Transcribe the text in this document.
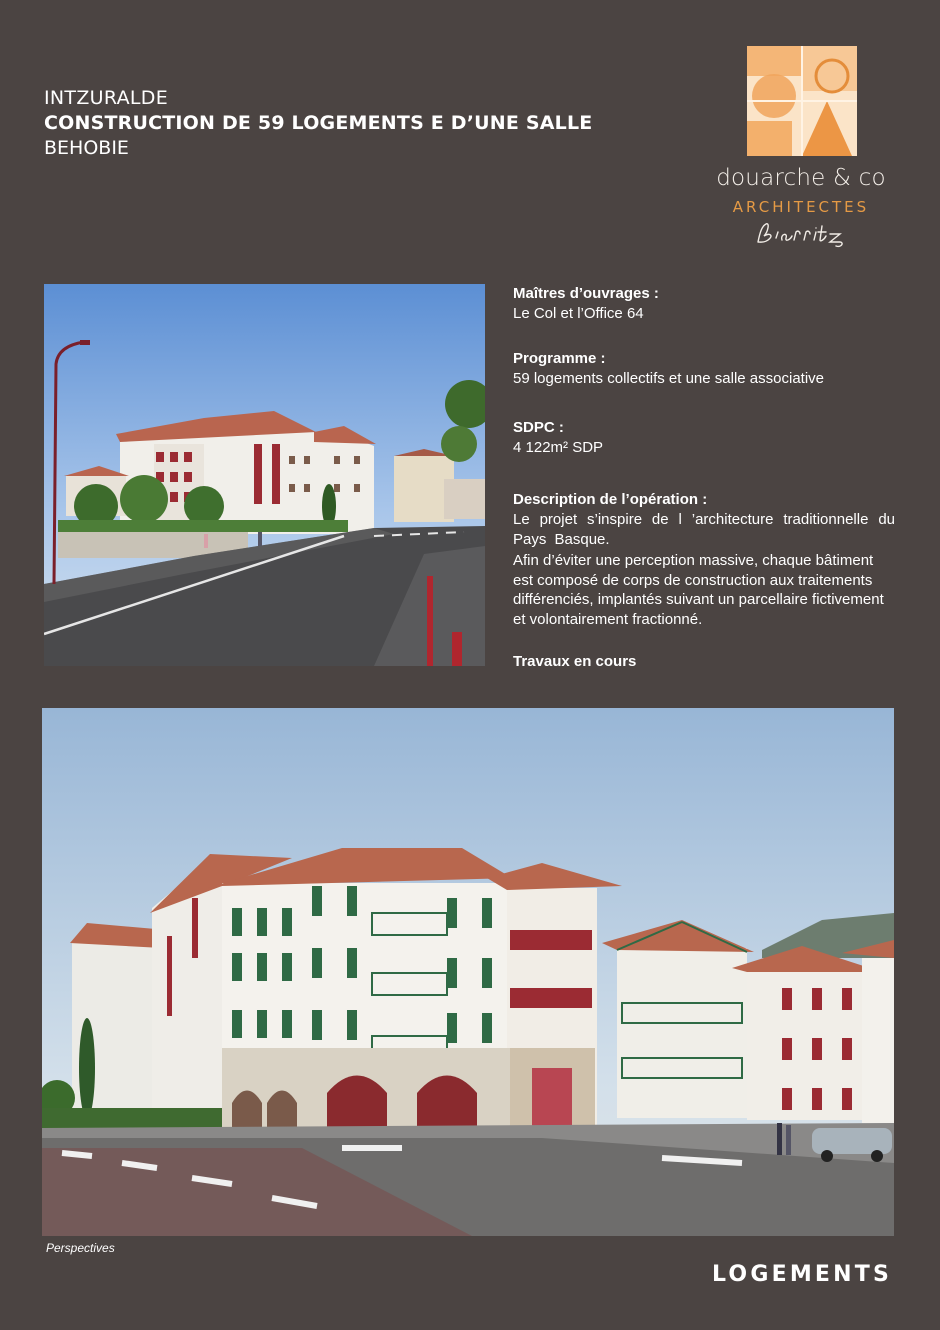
INTZURALDE
CONSTRUCTION DE 59 LOGEMENTS E D’UNE SALLE
BEHOBIE
douarche & co
ARCHITECTES
Maîtres d’ouvrages :
Le Col et l’Office 64
Programme :
59 logements collectifs et une salle associative
SDPC :
4 122m² SDP
Description de l’opération :
Le projet s’inspire de l ’architecture traditionnelle du Pays Basque.
Afin d’éviter une perception massive, chaque bâtiment est composé de corps de construction aux traitements différenciés, implantés suivant un parcellaire fictivement et volontairement fractionné.
Travaux en cours
Perspectives
LOGEMENTS
